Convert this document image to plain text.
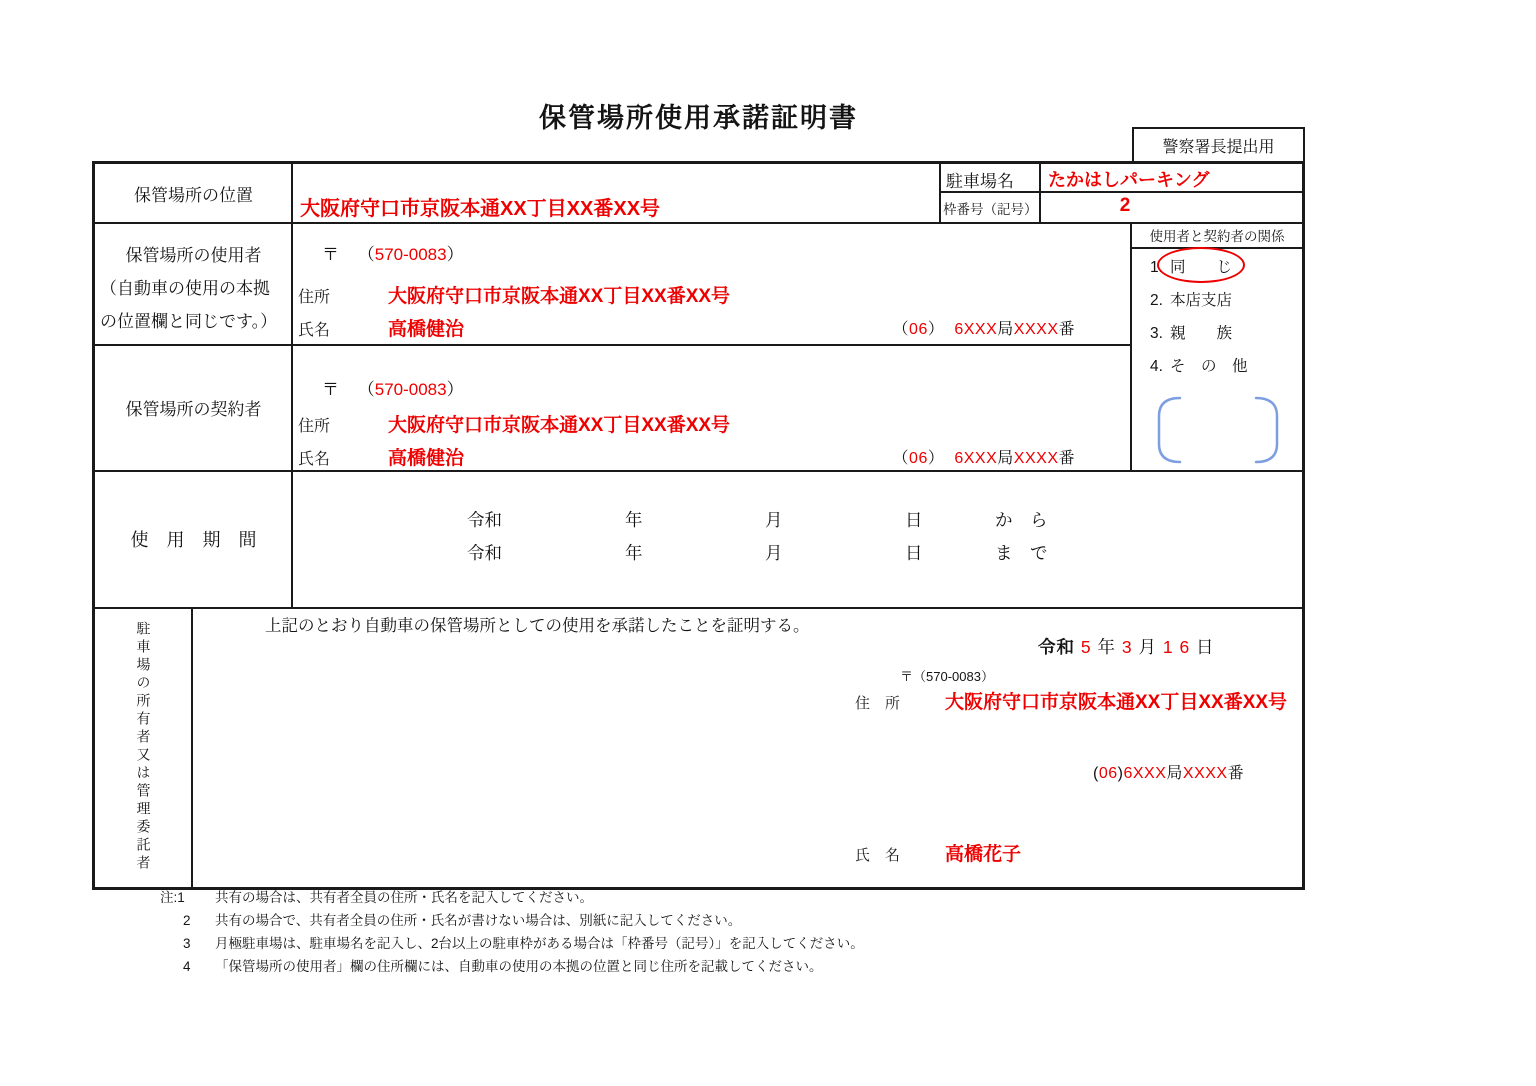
保管場所使用承諾証明書
警察署長提出用
保管場所の位置
大阪府守口市京阪本通XX丁目XX番XX号
駐車場名 たかはしパーキング
枠番号（記号）	2
保管場所の使用者
（自動車の使用の本拠
の位置欄と同じです。）
〒 （570-0083）
住所	大阪府守口市京阪本通XX丁目XX番XX号
氏名	高橋健治	（06） 6XXX局XXXX番
保管場所の契約者
〒 （570-0083）
住所	大阪府守口市京阪本通XX丁目XX番XX号
氏名	高橋健治	（06） 6XXX局XXXX番
使用者と契約者の関係
1. 同　　じ
2. 本店支店
3. 親　　族
4. そ　の　他
使　用　期　間
令和	年	月	日	か　ら
令和	年	月	日	ま　で
駐車場の所有者又は管理委託者	上記のとおり自動車の保管場所としての使用を承諾したことを証明する。
令和 5 年 3 月 1 6 日
〒（570-0083）
住　所 大阪府守口市京阪本通XX丁目XX番XX号
(06)6XXX局XXXX番
氏　名 高橋花子
注:1	共有の場合は、共有者全員の住所・氏名を記入してください。
2	共有の場合で、共有者全員の住所・氏名が書けない場合は、別紙に記入してください。
3	月極駐車場は、駐車場名を記入し、2台以上の駐車枠がある場合は「枠番号（記号）」を記入してください。
4	「保管場所の使用者」欄の住所欄には、自動車の使用の本拠の位置と同じ住所を記載してください。
